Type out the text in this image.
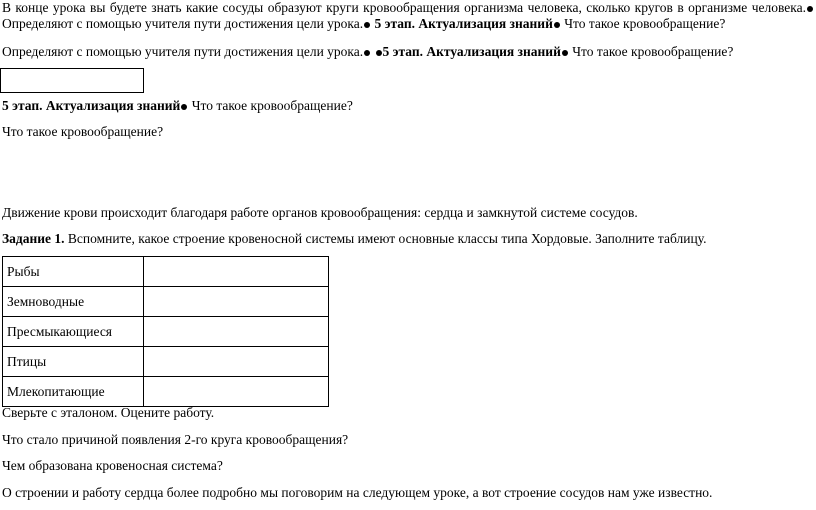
В конце урока вы будете знать какие сосуды образуют круги кровообращения организма человека, сколько кругов в организме человека. Определяют с помощью учителя пути достижения цели урока. 5 этап. Актуализация знаний Что такое кровообращение?
Определяют с помощью учителя пути достижения цели урока. 5 этап. Актуализация знаний Что такое кровообращение?
5 этап. Актуализация знаний Что такое кровообращение?
Что такое кровообращение?
Движение крови происходит благодаря работе органов кровообращения: сердца и замкнутой системе сосудов.
Задание 1. Вспомните, какое строение кровеносной системы имеют основные классы типа Хордовые. Заполните таблицу.
Рыбы	
Земноводные	
Пресмыкающиеся	
Птицы	
Млекопитающие	
Сверьте с эталоном. Оцените работу.
Что стало причиной появления 2-го круга кровообращения?
Чем образована кровеносная система?
О строении и работу сердца более подробно мы поговорим на следующем уроке, а вот строение сосудов нам уже известно.
